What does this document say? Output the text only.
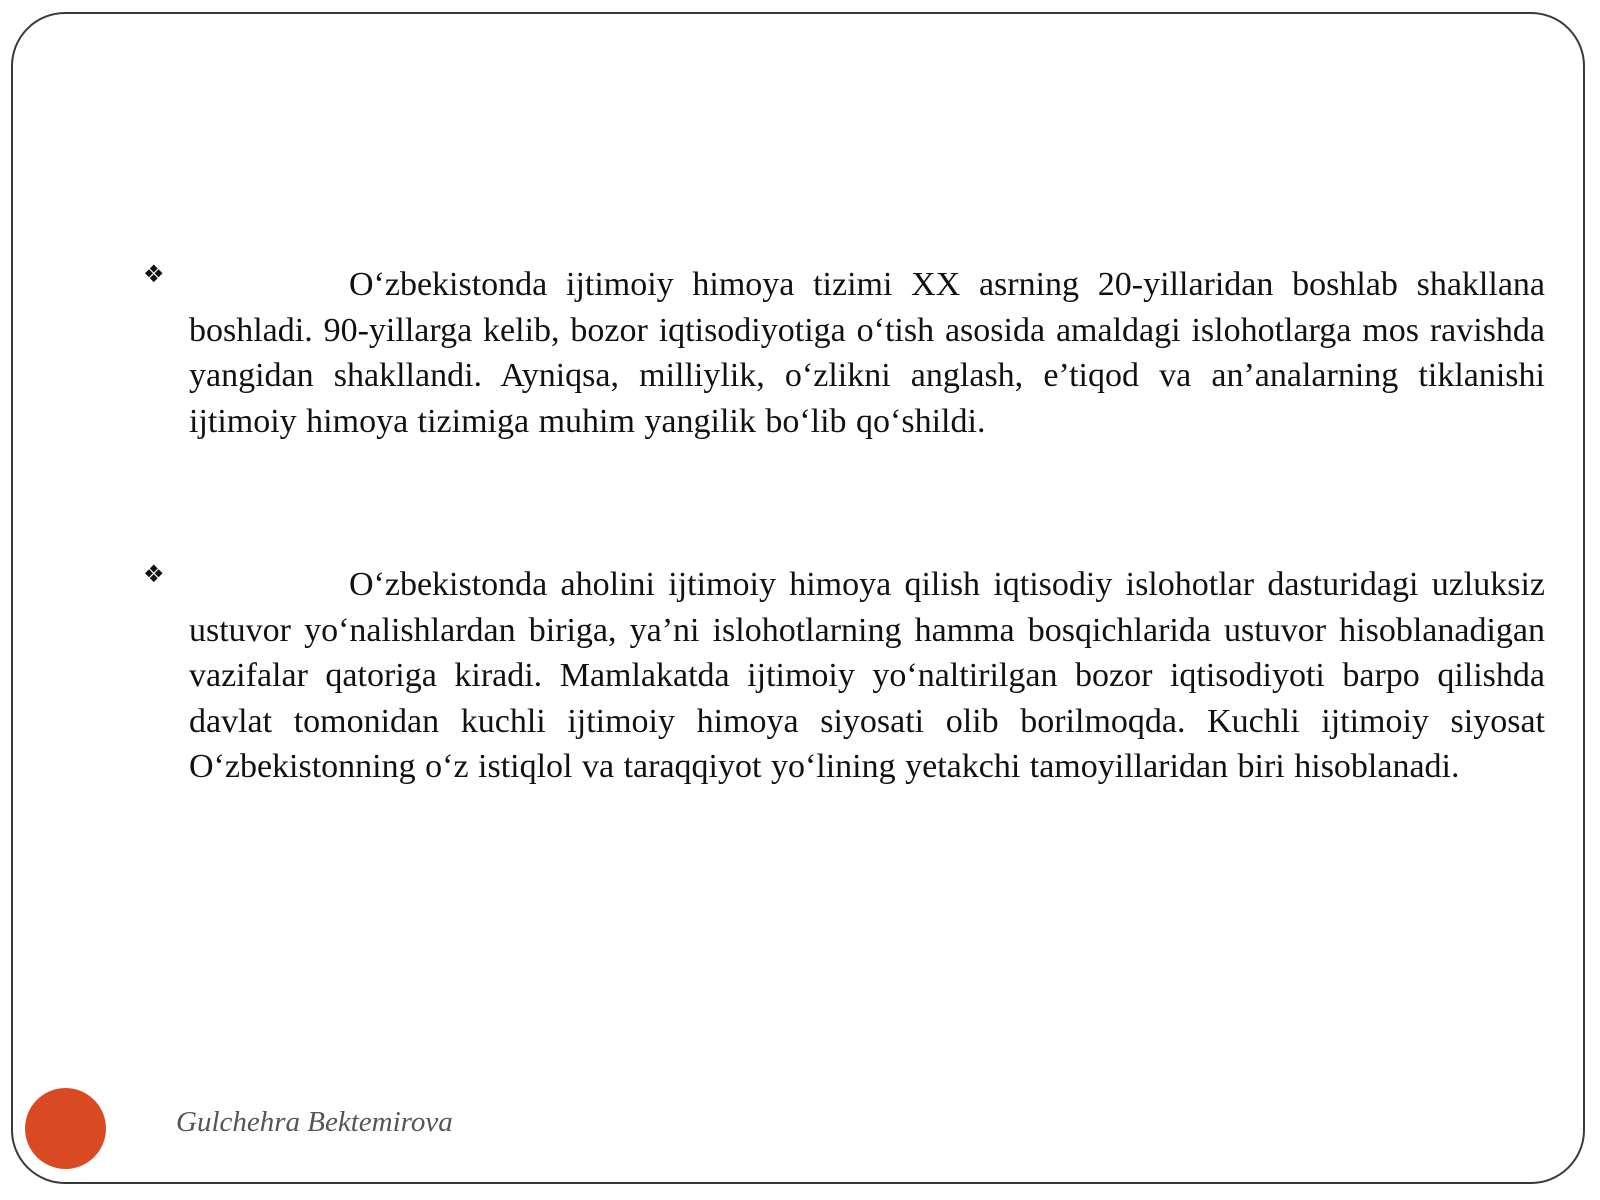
❖	Oʻzbekistonda ijtimoiy himoya tizimi XX asrning 20-yillaridan boshlab shakllana boshladi. 90-yillarga kelib, bozor iqtisodiyotiga oʻtish asosida amaldagi islohotlarga mos ravishda yangidan shakllandi. Ayniqsa, milliylik, oʻzlikni anglash, e’tiqod va an’analarning tiklanishi ijtimoiy himoya tizimiga muhim yangilik boʻlib qoʻshildi.

❖	Oʻzbekistonda aholini ijtimoiy himoya qilish iqtisodiy islohotlar dasturidagi uzluksiz ustuvor yoʻnalishlardan biriga, ya’ni islohotlarning hamma bosqichlarida ustuvor hisoblanadigan vazifalar qatoriga kiradi. Mamlakatda ijtimoiy yoʻnaltirilgan bozor iqtisodiyoti barpo qilishda davlat tomonidan kuchli ijtimoiy himoya siyosati olib borilmoqda. Kuchli ijtimoiy siyosat Oʻzbekistonning oʻz istiqlol va taraqqiyot yoʻlining yetakchi tamoyillaridan biri hisoblanadi.

Gulchehra Bektemirova
